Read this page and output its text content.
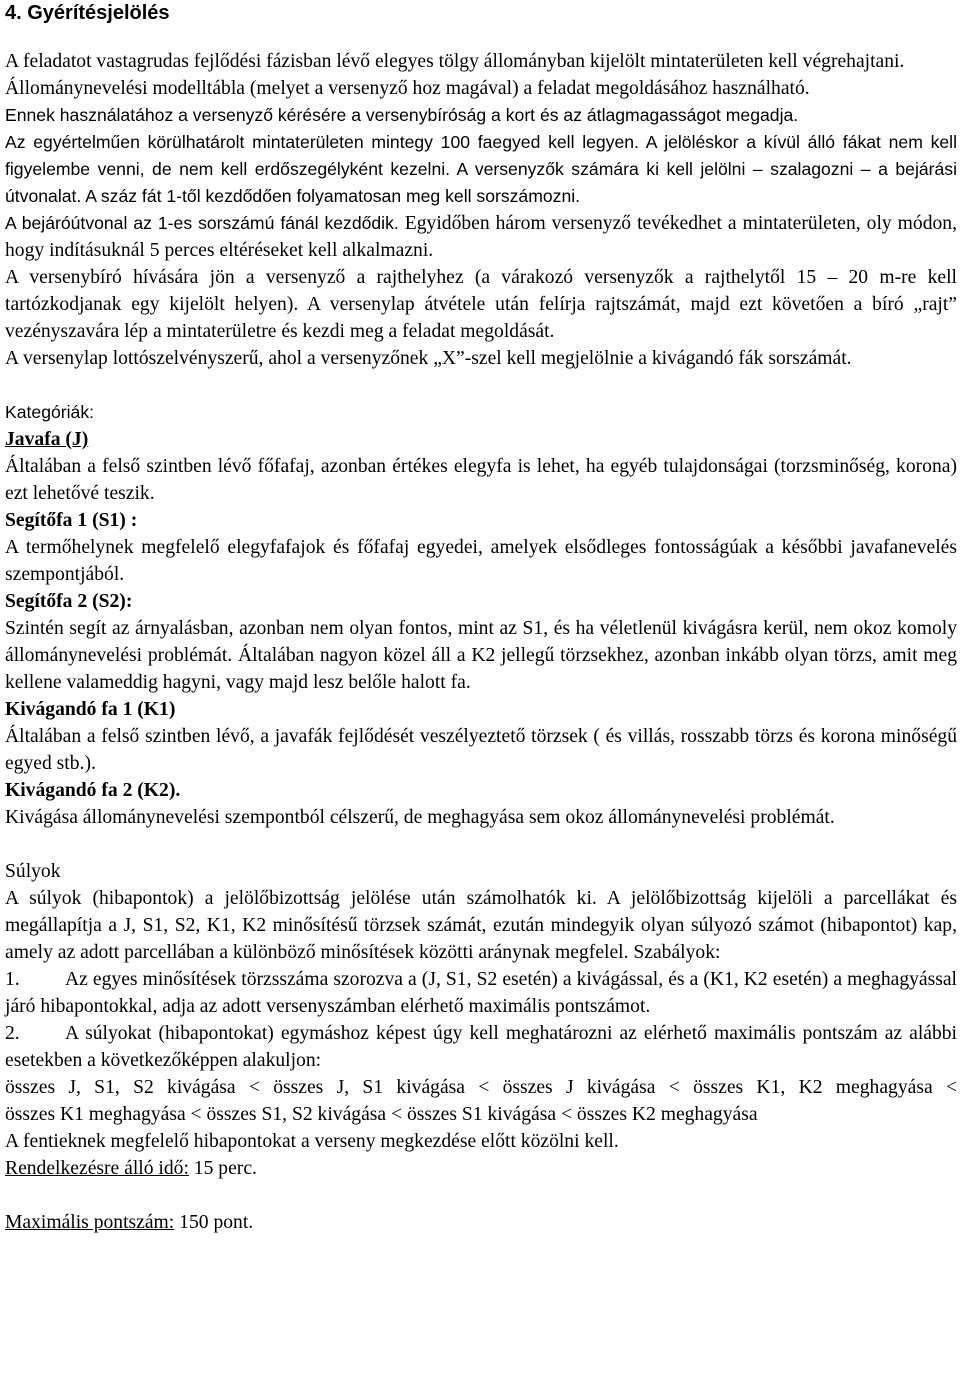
4. Gyérítésjelölés

A feladatot vastagrudas fejlődési fázisban lévő elegyes tölgy állományban kijelölt mintaterületen kell végrehajtani.

Állománynevelési modelltábla (melyet a versenyző hoz magával) a feladat megoldásához használható.

Ennek használatához a versenyző kérésére a versenybíróság a kort és az átlagmagasságot megadja.

Az egyértelműen körülhatárolt mintaterületen mintegy 100 faegyed kell legyen. A jelöléskor a kívül álló fákat nem kell figyelembe venni, de nem kell erdőszegélyként kezelni. A versenyzők számára ki kell jelölni – szalagozni – a bejárási útvonalat. A száz fát 1-től kezdődően folyamatosan meg kell sorszámozni.

A bejáróútvonal az 1-es sorszámú fánál kezdődik. Egyidőben három versenyző tevékedhet a mintaterületen, oly módon, hogy indításuknál 5 perces eltéréseket kell alkalmazni.

A versenybíró hívására jön a versenyző a rajthelyhez (a várakozó versenyzők a rajthelytől 15 – 20 m-re kell tartózkodjanak egy kijelölt helyen). A versenylap átvétele után felírja rajtszámát, majd ezt követően a bíró „rajt” vezényszavára lép a mintaterületre és kezdi meg a feladat megoldását.

A versenylap lottószelvényszerű, ahol a versenyzőnek „X”-szel kell megjelölnie a kivágandó fák sorszámát.

Kategóriák:

Javafa (J)

Általában a felső szintben lévő főfafaj, azonban értékes elegyfa is lehet, ha egyéb tulajdonságai (torzsminőség, korona) ezt lehetővé teszik.

Segítőfa 1 (S1) :

A termőhelynek megfelelő elegyfafajok és főfafaj egyedei, amelyek elsődleges fontosságúak a későbbi javafanevelés szempontjából.

Segítőfa 2 (S2):

Szintén segít az árnyalásban, azonban nem olyan fontos, mint az S1, és ha véletlenül kivágásra kerül, nem okoz komoly állománynevelési problémát. Általában nagyon közel áll a K2 jellegű törzsekhez, azonban inkább olyan törzs, amit meg kellene valameddig hagyni, vagy majd lesz belőle halott fa.

Kivágandó fa 1 (K1)

Általában a felső szintben lévő, a javafák fejlődését veszélyeztető törzsek ( és villás, rosszabb törzs és korona minőségű egyed stb.).

Kivágandó fa 2 (K2).

Kivágása állománynevelési szempontból célszerű, de meghagyása sem okoz állománynevelési problémát.

Súlyok

A súlyok (hibapontok) a jelölőbizottság jelölése után számolhatók ki. A jelölőbizottság kijelöli a parcellákat és megállapítja a J, S1, S2, K1, K2 minősítésű törzsek számát, ezután mindegyik olyan súlyozó számot (hibapontot) kap, amely az adott parcellában a különböző minősítések közötti aránynak megfelel. Szabályok:

1. Az egyes minősítések törzsszáma szorozva a (J, S1, S2 esetén) a kivágással, és a (K1, K2 esetén) a meghagyással járó hibapontokkal, adja az adott versenyszámban elérhető maximális pontszámot.

2. A súlyokat (hibapontokat) egymáshoz képest úgy kell meghatározni az elérhető maximális pontszám az alábbi esetekben a következőképpen alakuljon:

összes J, S1, S2 kivágása < összes J, S1 kivágása < összes J kivágása < összes K1, K2 meghagyása <

összes K1 meghagyása < összes S1, S2 kivágása < összes S1 kivágása < összes K2 meghagyása

A fentieknek megfelelő hibapontokat a verseny megkezdése előtt közölni kell.

Rendelkezésre álló idő: 15 perc.

Maximális pontszám: 150 pont.
